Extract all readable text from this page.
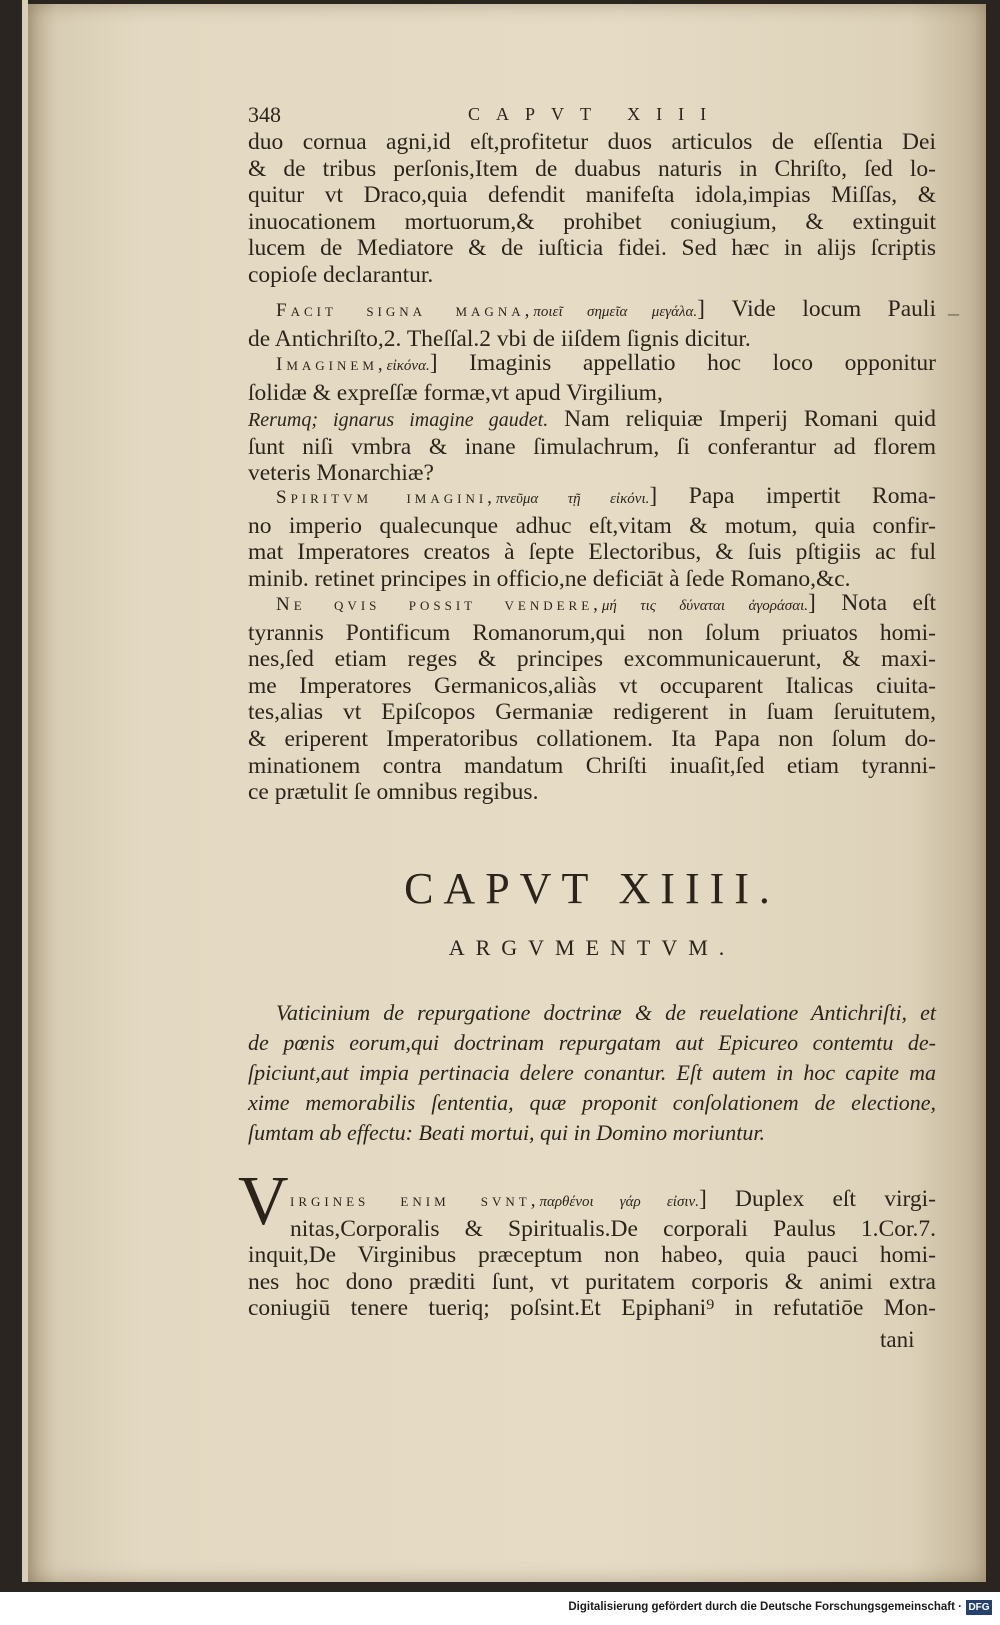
348	CAPVT XIII
duo cornua agni,id eſt,profitetur duos articulos de eſſentia Dei
& de tribus perſonis,Item de duabus naturis in Chriſto, ſed lo-
quitur vt Draco,quia defendit manifeſta idola,impias Miſſas, &
inuocationem mortuorum,& prohibet coniugium, & extinguit
lucem de Mediatore & de iuſticia fidei. Sed hæc in alijs ſcriptis
copioſe declarantur.
Facit signa magna,ποιεῖ σημεῖα μεγάλα.] Vide locum Pauli
de Antichriſto,2. Theſſal.2 vbi de iiſdem ſignis dicitur.
Imaginem,εἰκόνα.] Imaginis appellatio hoc loco opponitur
ſolidæ & expreſſæ formæ,vt apud Virgilium,
Rerumq; ignarus imagine gaudet. Nam reliquiæ Imperij Romani quid
ſunt niſi vmbra & inane ſimulachrum, ſi conferantur ad florem
veteris Monarchiæ?
Spiritvm imagini,πνεῦμα τῇ εἰκόνι.] Papa impertit Roma-
no imperio qualecunque adhuc eſt,vitam & motum, quia confir-
mat Imperatores creatos à ſepte Electoribus, & ſuis pſtigiis ac ful
minib. retinet principes in officio,ne deficiāt à ſede Romano,&c.
Ne qvis possit vendere,μή τις δύναται ἀγοράσαι.] Nota eſt
tyrannis Pontificum Romanorum,qui non ſolum priuatos homi-
nes,ſed etiam reges & principes excommunicauerunt, & maxi-
me Imperatores Germanicos,aliàs vt occuparent Italicas ciuita-
tes,alias vt Epiſcopos Germaniæ redigerent in ſuam ſeruitutem,
& eriperent Imperatoribus collationem. Ita Papa non ſolum do-
minationem contra mandatum Chriſti inuaſit,ſed etiam tyranni-
ce prætulit ſe omnibus regibus.
CAPVT XIIII.
ARGVMENTVM.
Vaticinium de repurgatione doctrinæ & de reuelatione Antichriſti, et
de pœnis eorum,qui doctrinam repurgatam aut Epicureo contemtu de-
ſpiciunt,aut impia pertinacia delere conantur. Eſt autem in hoc capite ma
xime memorabilis ſententia, quæ proponit conſolationem de electione,
ſumtam ab effectu: Beati mortui, qui in Domino moriuntur.
V irgines enim svnt,παρθένοι γάρ εἰσιν.] Duplex eſt virgi-
nitas,Corporalis & Spiritualis.De corporali Paulus 1.Cor.7.
inquit,De Virginibus præceptum non habeo, quia pauci homi-
nes hoc dono præditi ſunt, vt puritatem corporis & animi extra
coniugiū tenere tueriq; poſsint.Et Epiphani⁹ in refutatiōe Mon-
tani
–
Digitalisierung gefördert durch die Deutsche Forschungsgemeinschaft · DFG
